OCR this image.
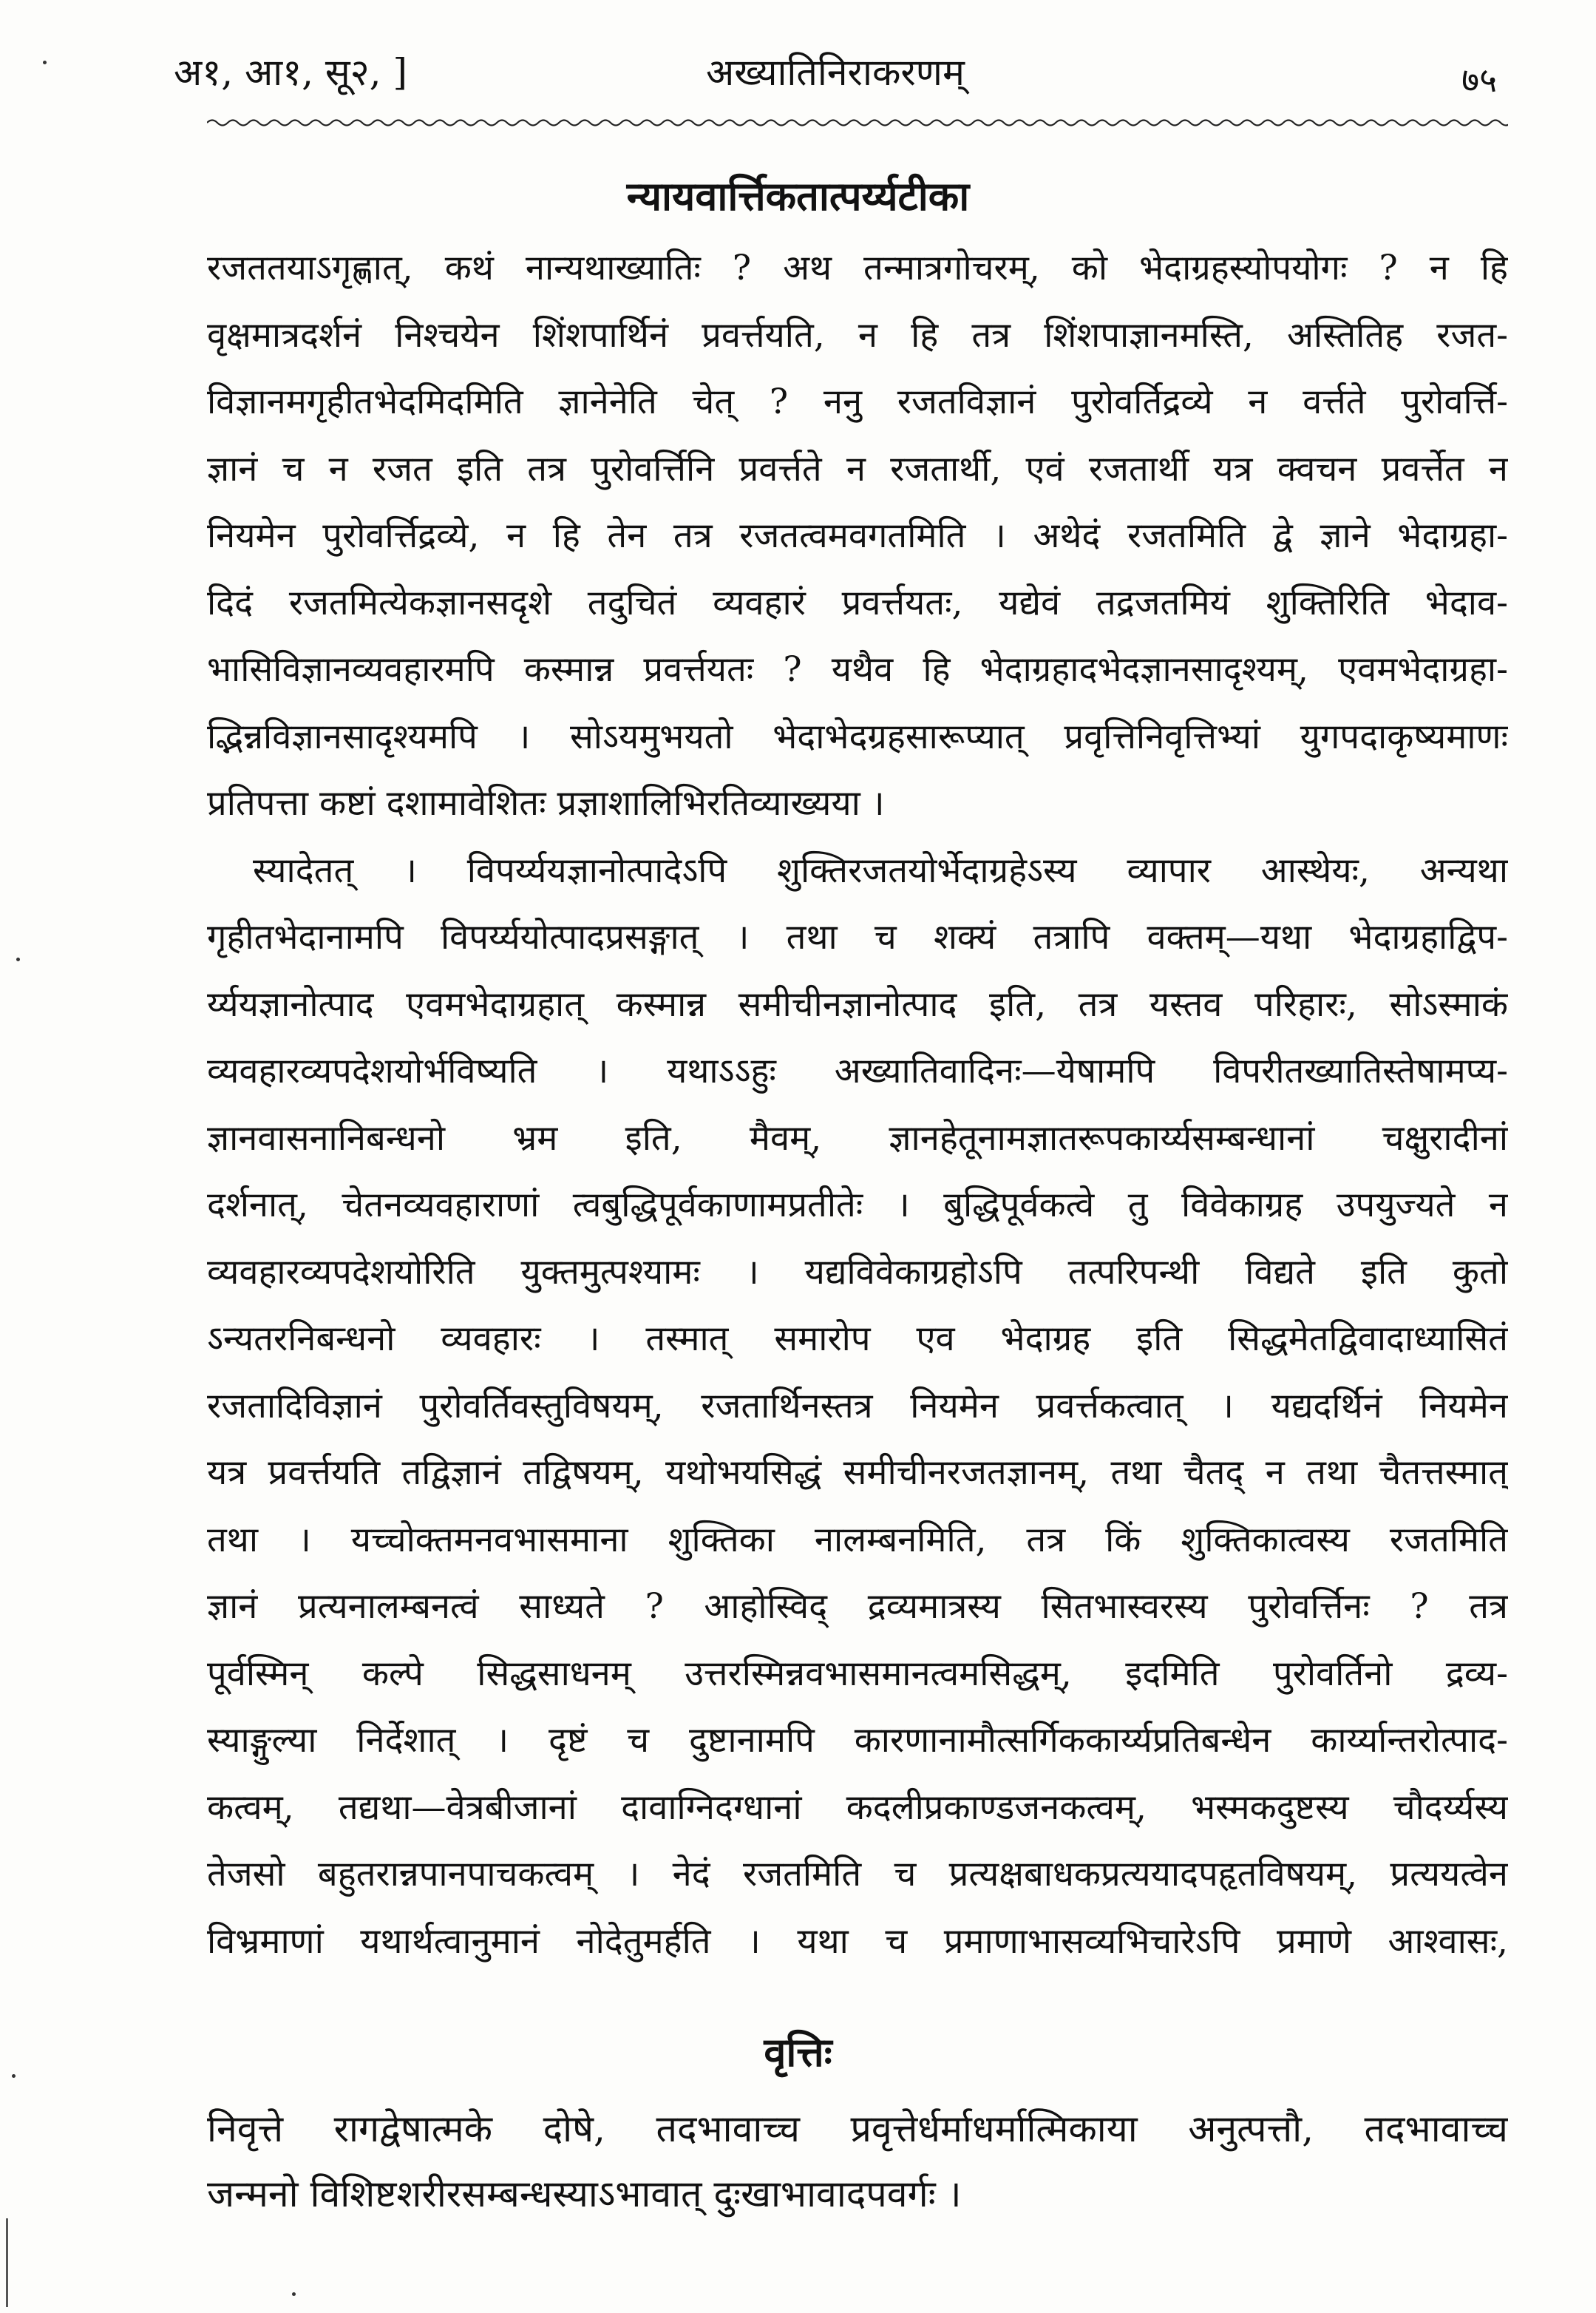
अ१, आ१, सू२, ]	अख्यातिनिराकरणम्	७५
न्यायवार्त्तिकतात्पर्य्यटीका
रजततयाऽगृह्णात्, कथं नान्यथाख्यातिः ? अथ तन्मात्रगोचरम्, को भेदाग्रहस्योपयोगः ? न हि
वृक्षमात्रदर्शनं निश्चयेन शिंशपार्थिनं प्रवर्त्तयति, न हि तत्र शिंशपाज्ञानमस्ति, अस्तितिह रजत-
विज्ञानमगृहीतभेदमिदमिति ज्ञानेनेति चेत् ? ननु रजतविज्ञानं पुरोवर्तिद्रव्ये न वर्त्तते पुरोवर्त्ति-
ज्ञानं च न रजत इति तत्र पुरोवर्त्तिनि प्रवर्त्तते न रजतार्थी, एवं रजतार्थी यत्र क्वचन प्रवर्त्तेत न
नियमेन पुरोवर्त्तिद्रव्ये, न हि तेन तत्र रजतत्वमवगतमिति । अथेदं रजतमिति द्वे ज्ञाने भेदाग्रहा-
दिदं रजतमित्येकज्ञानसदृशे तदुचितं व्यवहारं प्रवर्त्तयतः, यद्येवं तद्रजतमियं शुक्तिरिति भेदाव-
भासिविज्ञानव्यवहारमपि कस्मान्न प्रवर्त्तयतः ? यथैव हि भेदाग्रहादभेदज्ञानसादृश्यम्, एवमभेदाग्रहा-
द्भिन्नविज्ञानसादृश्यमपि । सोऽयमुभयतो भेदाभेदग्रहसारूप्यात् प्रवृत्तिनिवृत्तिभ्यां युगपदाकृष्यमाणः
प्रतिपत्ता कष्टां दशामावेशितः प्रज्ञाशालिभिरतिव्याख्यया ।
स्यादेतत् । विपर्य्ययज्ञानोत्पादेऽपि शुक्तिरजतयोर्भेदाग्रहेऽस्य व्यापार आस्थेयः, अन्यथा
गृहीतभेदानामपि विपर्य्ययोत्पादप्रसङ्गात् । तथा च शक्यं तत्रापि वक्तम्—यथा भेदाग्रहाद्विप-
र्य्ययज्ञानोत्पाद एवमभेदाग्रहात् कस्मान्न समीचीनज्ञानोत्पाद इति, तत्र यस्तव परिहारः, सोऽस्माकं
व्यवहारव्यपदेशयोर्भविष्यति । यथाऽऽहुः अख्यातिवादिनः—येषामपि विपरीतख्यातिस्तेषामप्य-
ज्ञानवासनानिबन्धनो भ्रम इति, मैवम्, ज्ञानहेतूनामज्ञातरूपकार्य्यसम्बन्धानां चक्षुरादीनां
दर्शनात्, चेतनव्यवहाराणां त्वबुद्धिपूर्वकाणामप्रतीतेः । बुद्धिपूर्वकत्वे तु विवेकाग्रह उपयुज्यते न
व्यवहारव्यपदेशयोरिति युक्तमुत्पश्यामः । यद्यविवेकाग्रहोऽपि तत्परिपन्थी विद्यते इति कुतो
ऽन्यतरनिबन्धनो व्यवहारः । तस्मात् समारोप एव भेदाग्रह इति सिद्धमेतद्विवादाध्यासितं
रजतादिविज्ञानं पुरोवर्तिवस्तुविषयम्, रजतार्थिनस्तत्र नियमेन प्रवर्त्तकत्वात् । यद्यदर्थिनं नियमेन
यत्र प्रवर्त्तयति तद्विज्ञानं तद्विषयम्, यथोभयसिद्धं समीचीनरजतज्ञानम्, तथा चैतद् न तथा चैतत्तस्मात्
तथा । यच्चोक्तमनवभासमाना शुक्तिका नालम्बनमिति, तत्र किं शुक्तिकात्वस्य रजतमिति
ज्ञानं प्रत्यनालम्बनत्वं साध्यते ? आहोस्विद् द्रव्यमात्रस्य सितभास्वरस्य पुरोवर्त्तिनः ? तत्र
पूर्वस्मिन् कल्पे सिद्धसाधनम् उत्तरस्मिन्नवभासमानत्वमसिद्धम्, इदमिति पुरोवर्तिनो द्रव्य-
स्याङ्गुल्या निर्देशात् । दृष्टं च दुष्टानामपि कारणानामौत्सर्गिककार्य्यप्रतिबन्धेन कार्य्यान्तरोत्पाद-
कत्वम्, तद्यथा—वेत्रबीजानां दावाग्निदग्धानां कदलीप्रकाण्डजनकत्वम्, भस्मकदुष्टस्य चौदर्य्यस्य
तेजसो बहुतरान्नपानपाचकत्वम् । नेदं रजतमिति च प्रत्यक्षबाधकप्रत्ययादपहृतविषयम्, प्रत्ययत्वेन
विभ्रमाणां यथार्थत्वानुमानं नोदेतुमर्हति । यथा च प्रमाणाभासव्यभिचारेऽपि प्रमाणे आश्वासः,
वृत्तिः
निवृत्ते रागद्वेषात्मके दोषे, तदभावाच्च प्रवृत्तेर्धर्माधर्मात्मिकाया अनुत्पत्तौ, तदभावाच्च
जन्मनो विशिष्टशरीरसम्बन्धस्याऽभावात् दुःखाभावादपवर्गः ।
